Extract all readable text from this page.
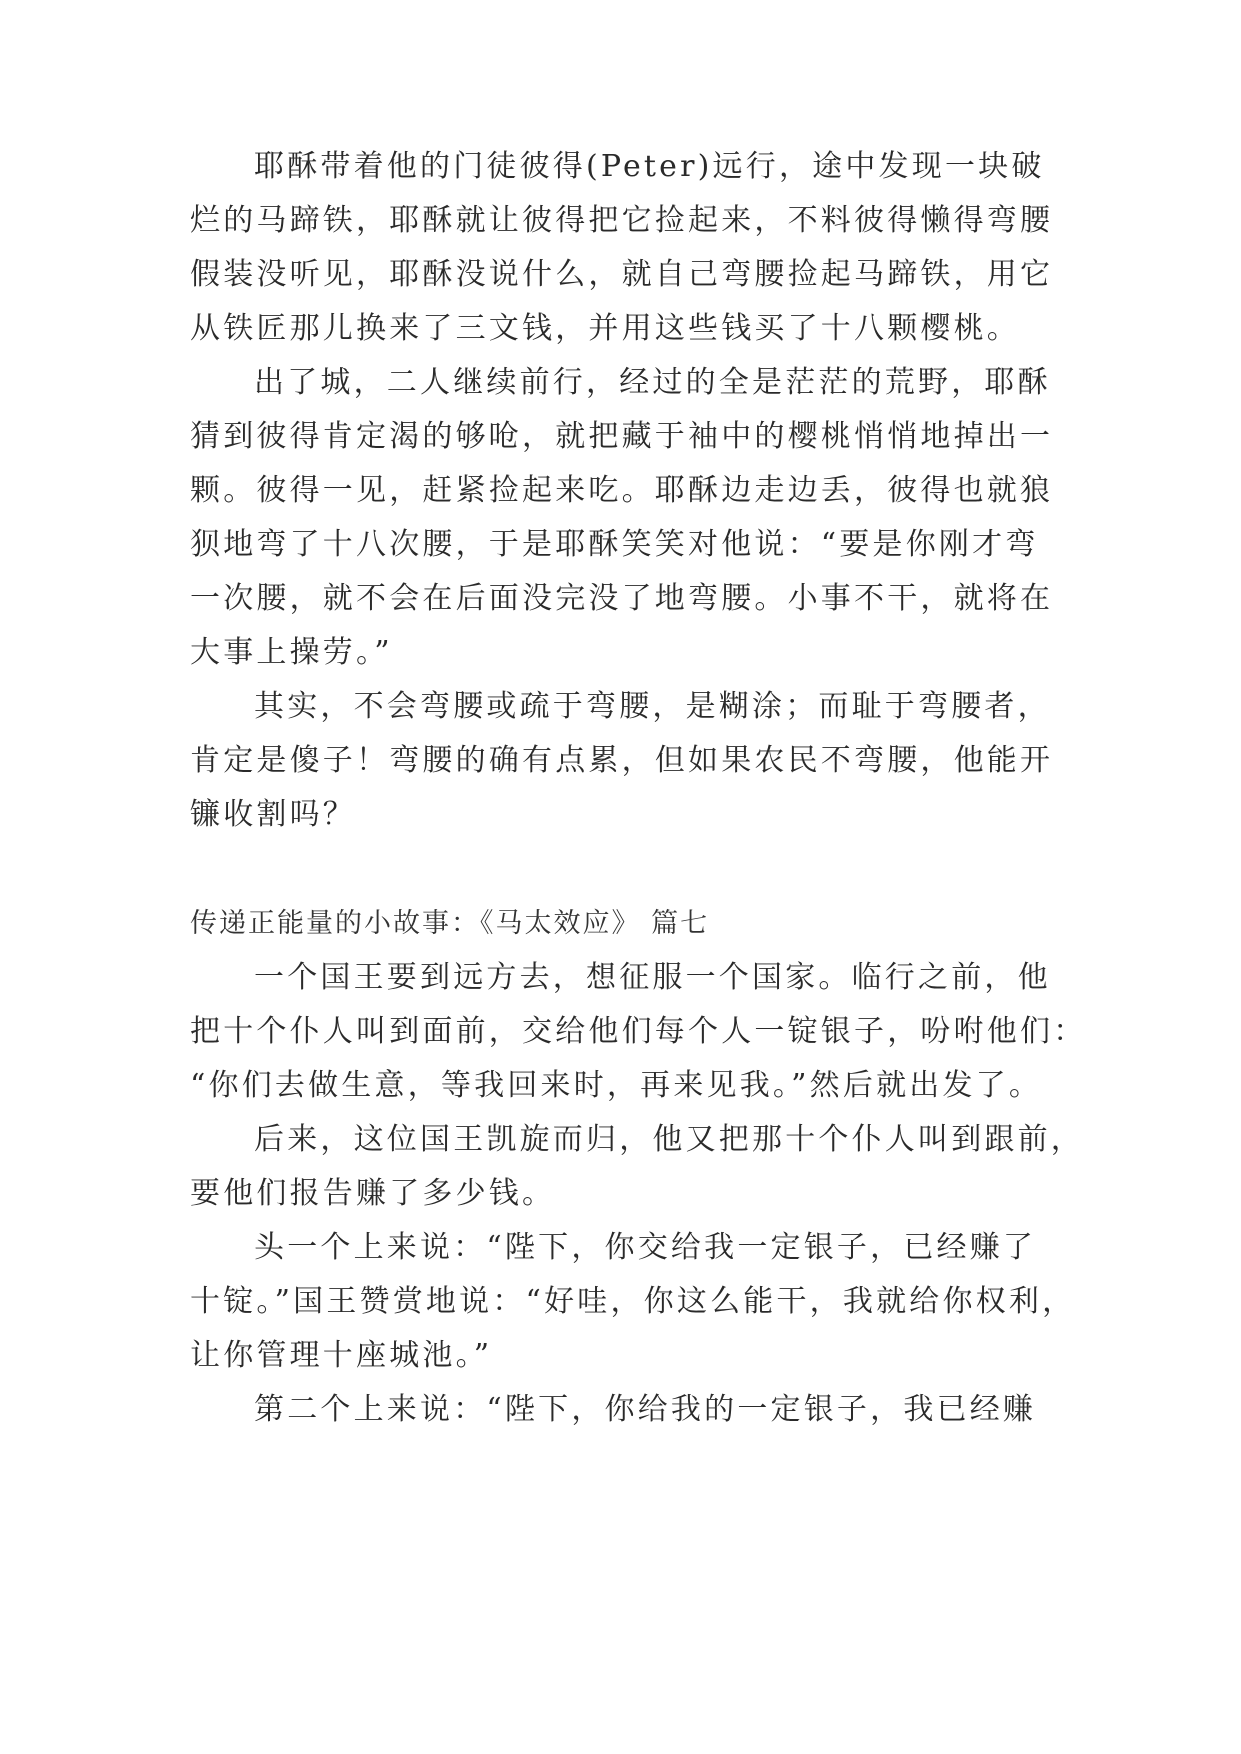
耶酥带着他的门徒彼得(Peter)远行，途中发现一块破
烂的马蹄铁，耶酥就让彼得把它捡起来，不料彼得懒得弯腰
假装没听见，耶酥没说什么，就自己弯腰捡起马蹄铁，用它
从铁匠那儿换来了三文钱，并用这些钱买了十八颗樱桃。
出了城，二人继续前行，经过的全是茫茫的荒野，耶酥
猜到彼得肯定渴的够呛，就把藏于袖中的樱桃悄悄地掉出一
颗。彼得一见，赶紧捡起来吃。耶酥边走边丢，彼得也就狼
狈地弯了十八次腰，于是耶酥笑笑对他说：“要是你刚才弯
一次腰，就不会在后面没完没了地弯腰。小事不干，就将在
大事上操劳。”
其实，不会弯腰或疏于弯腰，是糊涂；而耻于弯腰者，
肯定是傻子！弯腰的确有点累，但如果农民不弯腰，他能开
镰收割吗？
传递正能量的小故事：《马太效应》 篇七
一个国王要到远方去，想征服一个国家。临行之前，他
把十个仆人叫到面前，交给他们每个人一锭银子，吩咐他们：
“你们去做生意，等我回来时，再来见我。”然后就出发了。
后来，这位国王凯旋而归，他又把那十个仆人叫到跟前，
要他们报告赚了多少钱。
头一个上来说：“陛下，你交给我一定银子，已经赚了
十锭。”国王赞赏地说：“好哇，你这么能干，我就给你权利，
让你管理十座城池。”
第二个上来说：“陛下，你给我的一定银子，我已经赚
